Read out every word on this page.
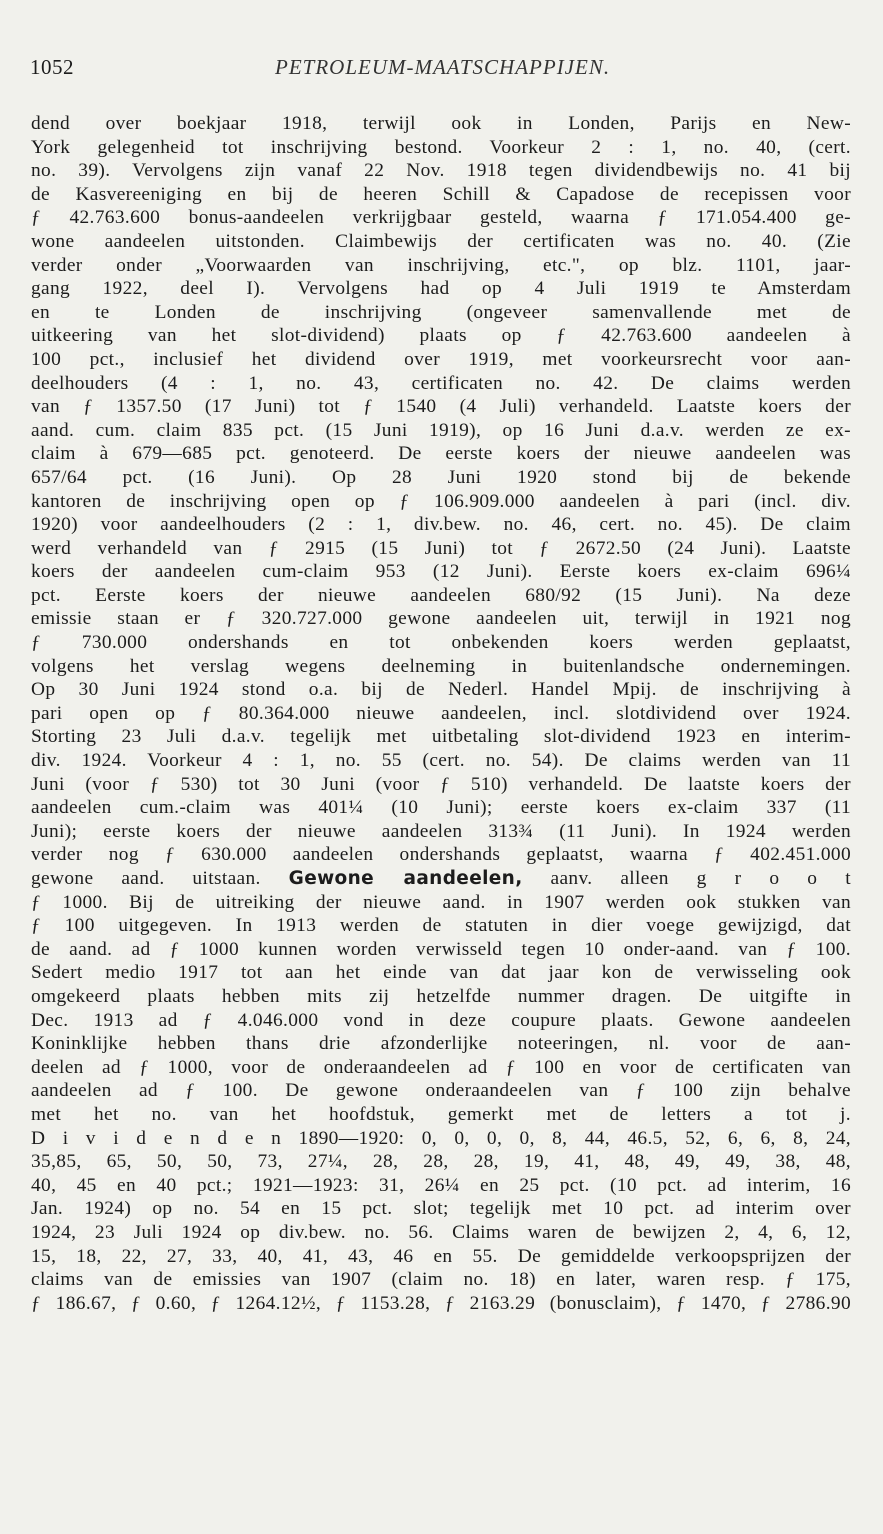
1052	PETROLEUM-MAATSCHAPPIJEN.
dend over boekjaar 1918, terwijl ook in Londen, Parijs en New-
York gelegenheid tot inschrijving bestond. Voorkeur 2 : 1, no. 40, (cert.
no. 39). Vervolgens zijn vanaf 22 Nov. 1918 tegen dividendbewijs no. 41 bij
de Kasvereeniging en bij de heeren Schill & Capadose de recepissen voor
ƒ 42.763.600 bonus-aandeelen verkrijgbaar gesteld, waarna ƒ 171.054.400 ge-
wone aandeelen uitstonden. Claimbewijs der certificaten was no. 40. (Zie
verder onder „Voorwaarden van inschrijving, etc.", op blz. 1101, jaar-
gang 1922, deel I). Vervolgens had op 4 Juli 1919 te Amsterdam
en te Londen de inschrijving (ongeveer samenvallende met de
uitkeering van het slot-dividend) plaats op ƒ 42.763.600 aandeelen à
100 pct., inclusief het dividend over 1919, met voorkeursrecht voor aan-
deelhouders (4 : 1, no. 43, certificaten no. 42. De claims werden
van ƒ 1357.50 (17 Juni) tot ƒ 1540 (4 Juli) verhandeld. Laatste koers der
aand. cum. claim 835 pct. (15 Juni 1919), op 16 Juni d.a.v. werden ze ex-
claim à 679—685 pct. genoteerd. De eerste koers der nieuwe aandeelen was
657/64 pct. (16 Juni). Op 28 Juni 1920 stond bij de bekende
kantoren de inschrijving open op ƒ 106.909.000 aandeelen à pari (incl. div.
1920) voor aandeelhouders (2 : 1, div.bew. no. 46, cert. no. 45). De claim
werd verhandeld van ƒ 2915 (15 Juni) tot ƒ 2672.50 (24 Juni). Laatste
koers der aandeelen cum-claim 953 (12 Juni). Eerste koers ex-claim 696¼
pct. Eerste koers der nieuwe aandeelen 680/92 (15 Juni). Na deze
emissie staan er ƒ 320.727.000 gewone aandeelen uit, terwijl in 1921 nog
ƒ 730.000 ondershands en tot onbekenden koers werden geplaatst,
volgens het verslag wegens deelneming in buitenlandsche ondernemingen.
Op 30 Juni 1924 stond o.a. bij de Nederl. Handel Mpij. de inschrijving à
pari open op ƒ 80.364.000 nieuwe aandeelen, incl. slotdividend over 1924.
Storting 23 Juli d.a.v. tegelijk met uitbetaling slot-dividend 1923 en interim-
div. 1924. Voorkeur 4 : 1, no. 55 (cert. no. 54). De claims werden van 11
Juni (voor ƒ 530) tot 30 Juni (voor ƒ 510) verhandeld. De laatste koers der
aandeelen cum.-claim was 401¼ (10 Juni); eerste koers ex-claim 337 (11
Juni); eerste koers der nieuwe aandeelen 313¾ (11 Juni). In 1924 werden
verder nog ƒ 630.000 aandeelen ondershands geplaatst, waarna ƒ 402.451.000
gewone aand. uitstaan. Gewone aandeelen, aanv. alleen g r o o t
ƒ 1000. Bij de uitreiking der nieuwe aand. in 1907 werden ook stukken van
ƒ 100 uitgegeven. In 1913 werden de statuten in dier voege gewijzigd, dat
de aand. ad ƒ 1000 kunnen worden verwisseld tegen 10 onder-aand. van ƒ 100.
Sedert medio 1917 tot aan het einde van dat jaar kon de verwisseling ook
omgekeerd plaats hebben mits zij hetzelfde nummer dragen. De uitgifte in
Dec. 1913 ad ƒ 4.046.000 vond in deze coupure plaats. Gewone aandeelen
Koninklijke hebben thans drie afzonderlijke noteeringen, nl. voor de aan-
deelen ad ƒ 1000, voor de onderaandeelen ad ƒ 100 en voor de certificaten van
aandeelen ad ƒ 100. De gewone onderaandeelen van ƒ 100 zijn behalve
met het no. van het hoofdstuk, gemerkt met de letters a tot j.
D i v i d e n d e n 1890—1920: 0, 0, 0, 0, 8, 44, 46.5, 52, 6, 6, 8, 24,
35,85, 65, 50, 50, 73, 27¼, 28, 28, 28, 19, 41, 48, 49, 49, 38, 48,
40, 45 en 40 pct.; 1921—1923: 31, 26¼ en 25 pct. (10 pct. ad interim, 16
Jan. 1924) op no. 54 en 15 pct. slot; tegelijk met 10 pct. ad interim over
1924, 23 Juli 1924 op div.bew. no. 56. Claims waren de bewijzen 2, 4, 6, 12,
15, 18, 22, 27, 33, 40, 41, 43, 46 en 55. De gemiddelde verkoopsprijzen der
claims van de emissies van 1907 (claim no. 18) en later, waren resp. ƒ 175,
ƒ 186.67, ƒ 0.60, ƒ 1264.12½, ƒ 1153.28, ƒ 2163.29 (bonusclaim), ƒ 1470, ƒ 2786.90
